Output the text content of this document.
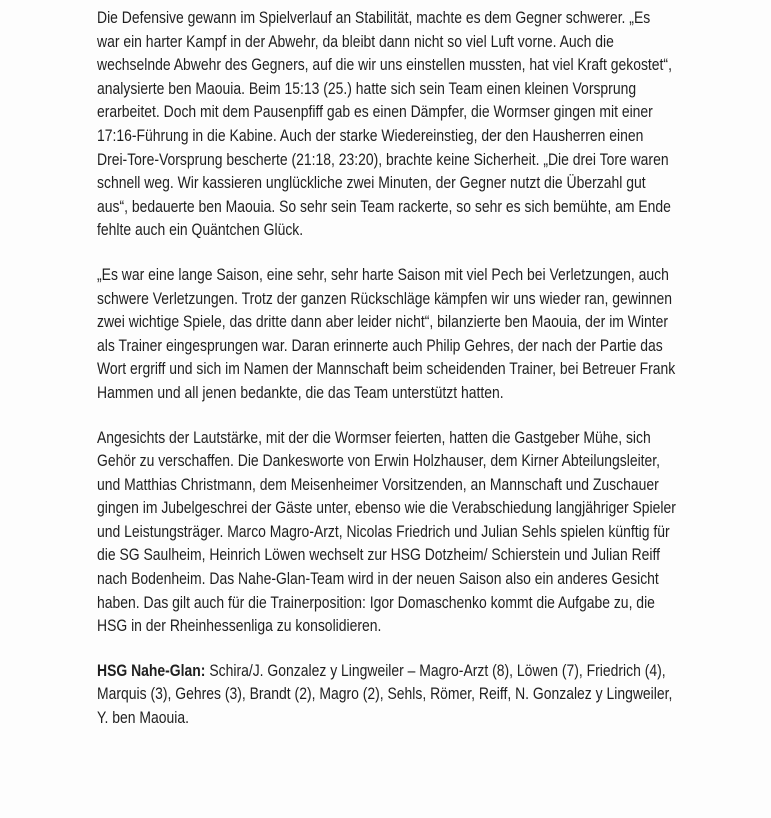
Die Defensive gewann im Spielverlauf an Stabilität, machte es dem Gegner schwerer. „Es war ein harter Kampf in der Abwehr, da bleibt dann nicht so viel Luft vorne. Auch die wechselnde Abwehr des Gegners, auf die wir uns einstellen mussten, hat viel Kraft gekostet“, analysierte ben Maouia. Beim 15:13 (25.) hatte sich sein Team einen kleinen Vorsprung erarbeitet. Doch mit dem Pausenpfiff gab es einen Dämpfer, die Wormser gingen mit einer 17:16-Führung in die Kabine. Auch der starke Wiedereinstieg, der den Hausherren einen Drei-Tore-Vorsprung bescherte (21:18, 23:20), brachte keine Sicherheit. „Die drei Tore waren schnell weg. Wir kassieren unglückliche zwei Minuten, der Gegner nutzt die Überzahl gut aus“, bedauerte ben Maouia. So sehr sein Team rackerte, so sehr es sich bemühte, am Ende fehlte auch ein Quäntchen Glück.

„Es war eine lange Saison, eine sehr, sehr harte Saison mit viel Pech bei Verletzungen, auch schwere Verletzungen. Trotz der ganzen Rückschläge kämpfen wir uns wieder ran, gewinnen zwei wichtige Spiele, das dritte dann aber leider nicht“, bilanzierte ben Maouia, der im Winter als Trainer eingesprungen war. Daran erinnerte auch Philip Gehres, der nach der Partie das Wort ergriff und sich im Namen der Mannschaft beim scheidenden Trainer, bei Betreuer Frank Hammen und all jenen bedankte, die das Team unterstützt hatten.

Angesichts der Lautstärke, mit der die Wormser feierten, hatten die Gastgeber Mühe, sich Gehör zu verschaffen. Die Dankesworte von Erwin Holzhauser, dem Kirner Abteilungsleiter, und Matthias Christmann, dem Meisenheimer Vorsitzenden, an Mannschaft und Zuschauer gingen im Jubelgeschrei der Gäste unter, ebenso wie die Verabschiedung langjähriger Spieler und Leistungsträger. Marco Magro-Arzt, Nicolas Friedrich und Julian Sehls spielen künftig für die SG Saulheim, Heinrich Löwen wechselt zur HSG Dotzheim/ Schierstein und Julian Reiff nach Bodenheim. Das Nahe-Glan-Team wird in der neuen Saison also ein anderes Gesicht haben. Das gilt auch für die Trainerposition: Igor Domaschenko kommt die Aufgabe zu, die HSG in der Rheinhessenliga zu konsolidieren.

HSG Nahe-Glan: Schira/J. Gonzalez y Lingweiler – Magro-Arzt (8), Löwen (7), Friedrich (4), Marquis (3), Gehres (3), Brandt (2), Magro (2), Sehls, Römer, Reiff, N. Gonzalez y Lingweiler, Y. ben Maouia.
